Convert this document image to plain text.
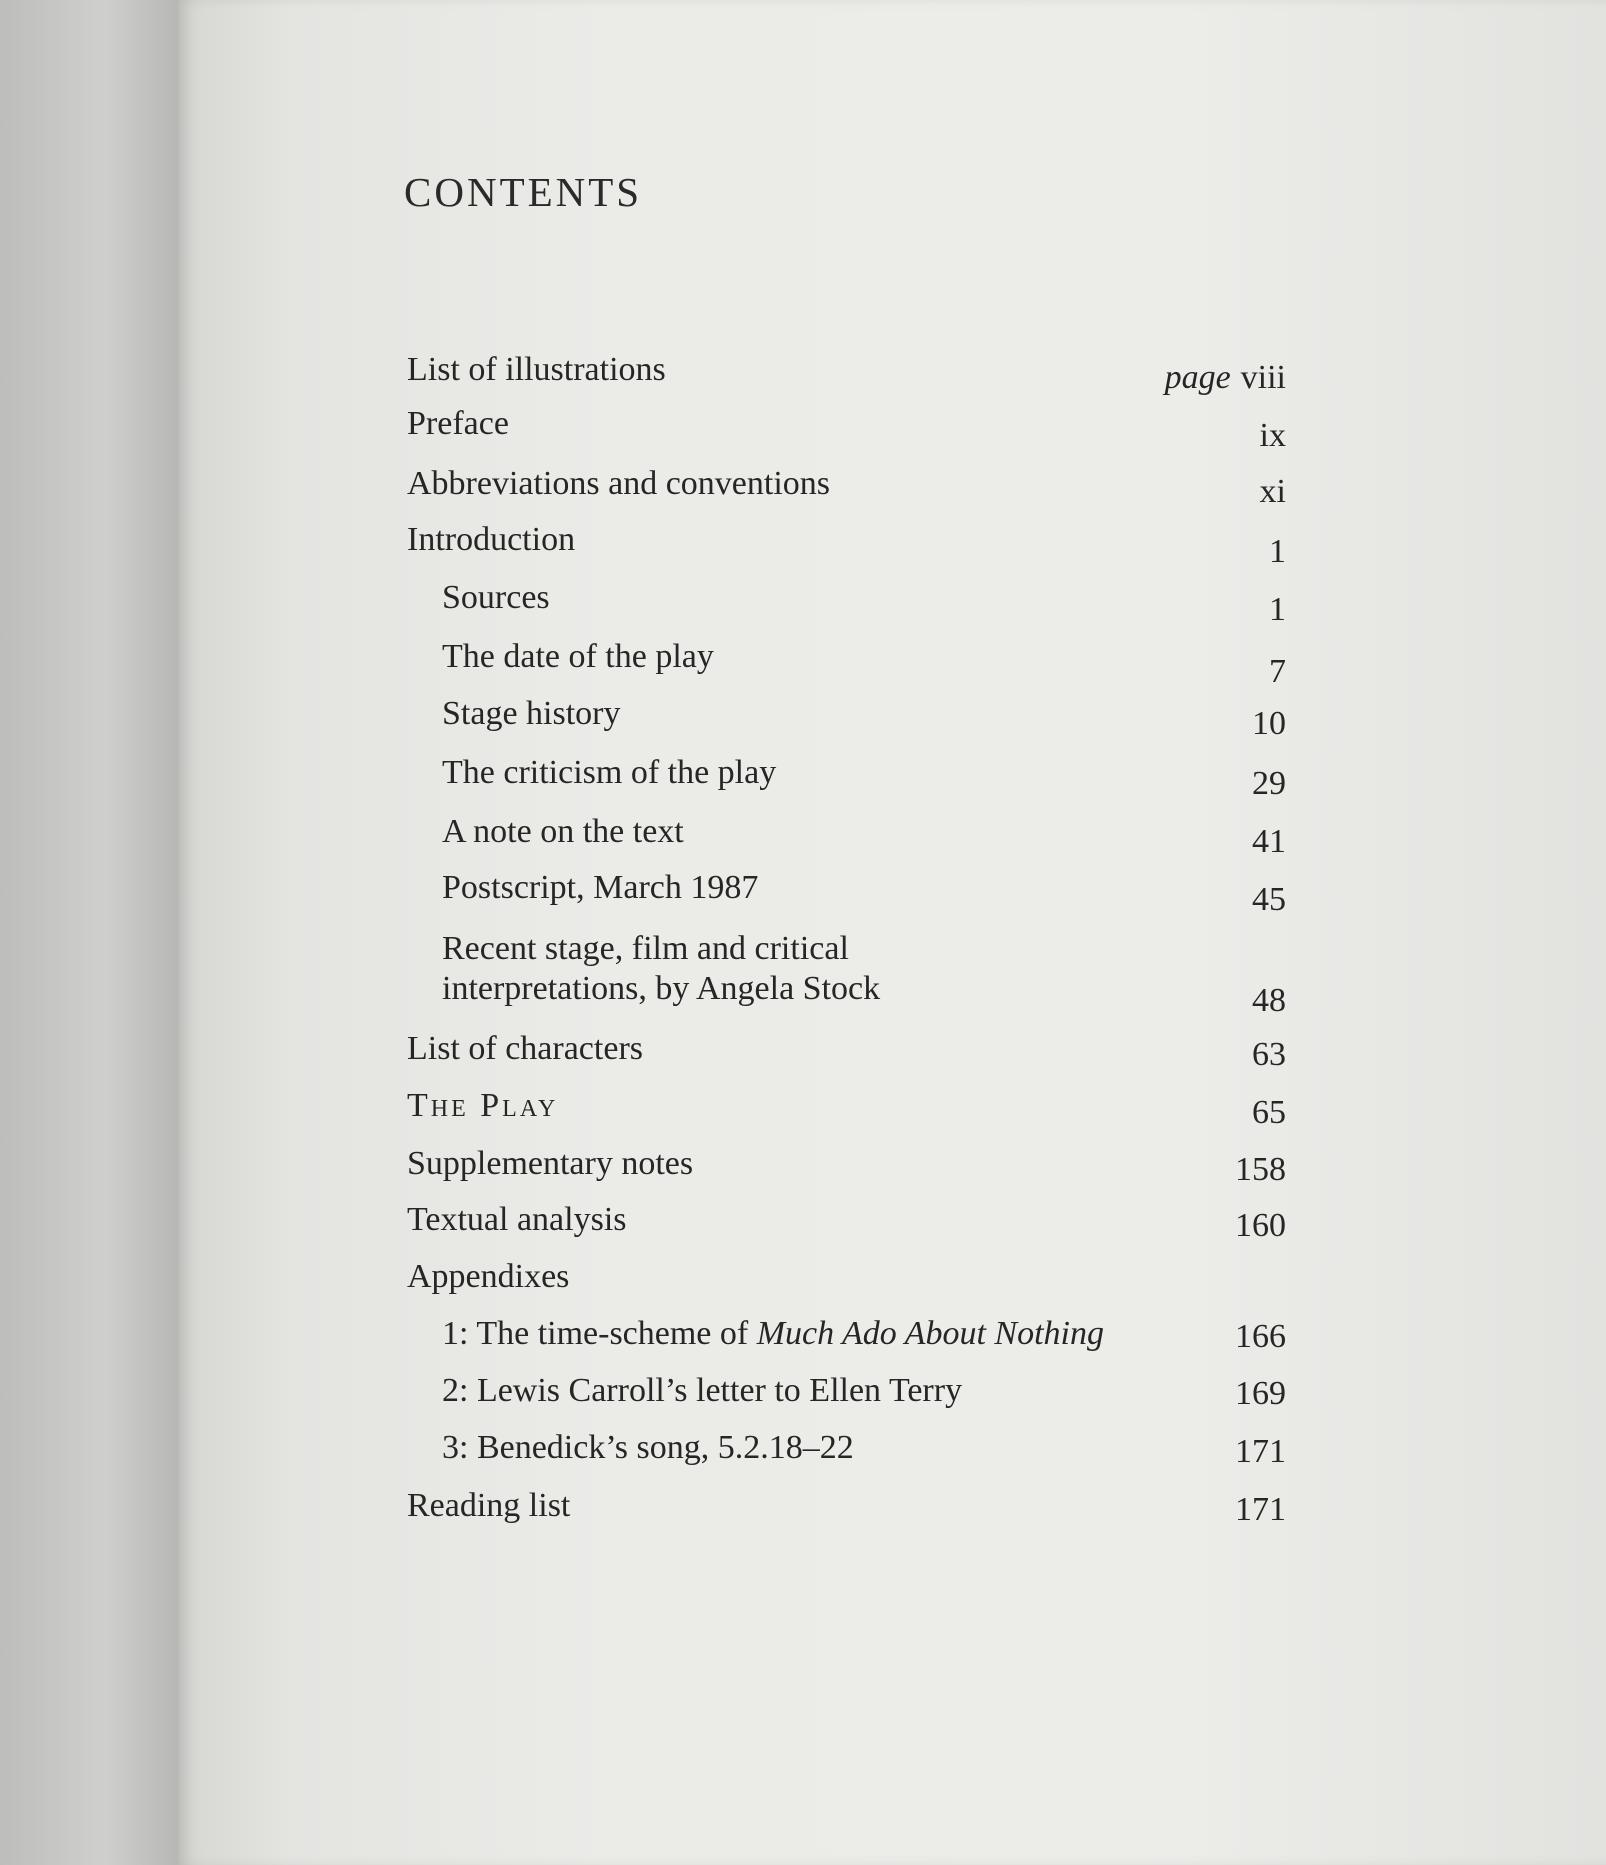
CONTENTS
List of illustrations	page viii
Preface	ix
Abbreviations and conventions	xi
Introduction	1
Sources	1
The date of the play	7
Stage history	10
The criticism of the play	29
A note on the text	41
Postscript, March 1987	45
Recent stage, film and critical
interpretations, by Angela Stock	48
List of characters	63
The Play	65
Supplementary notes	158
Textual analysis	160
Appendixes
1: The time-scheme of Much Ado About Nothing	166
2: Lewis Carroll’s letter to Ellen Terry	169
3: Benedick’s song, 5.2.18–22	171
Reading list	171
